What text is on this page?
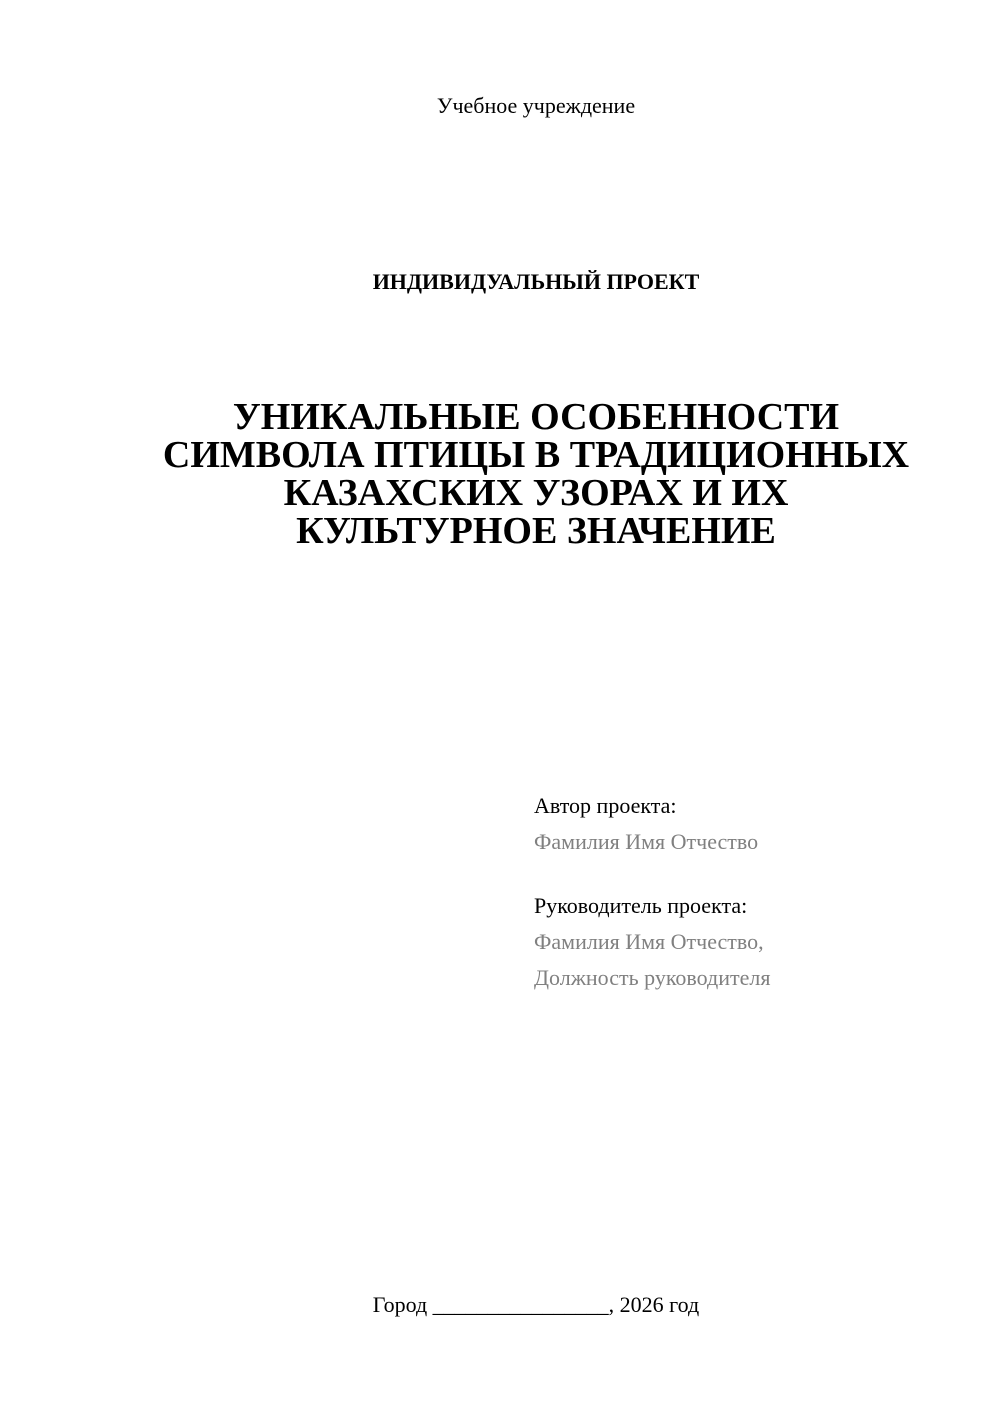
Учебное учреждение
ИНДИВИДУАЛЬНЫЙ ПРОЕКТ
УНИКАЛЬНЫЕ ОСОБЕННОСТИ
СИМВОЛА ПТИЦЫ В ТРАДИЦИОННЫХ
КАЗАХСКИХ УЗОРАХ И ИХ
КУЛЬТУРНОЕ ЗНАЧЕНИЕ
Автор проекта:
Фамилия Имя Отчество
Руководитель проекта:
Фамилия Имя Отчество,
Должность руководителя
Город ________________, 2026 год
